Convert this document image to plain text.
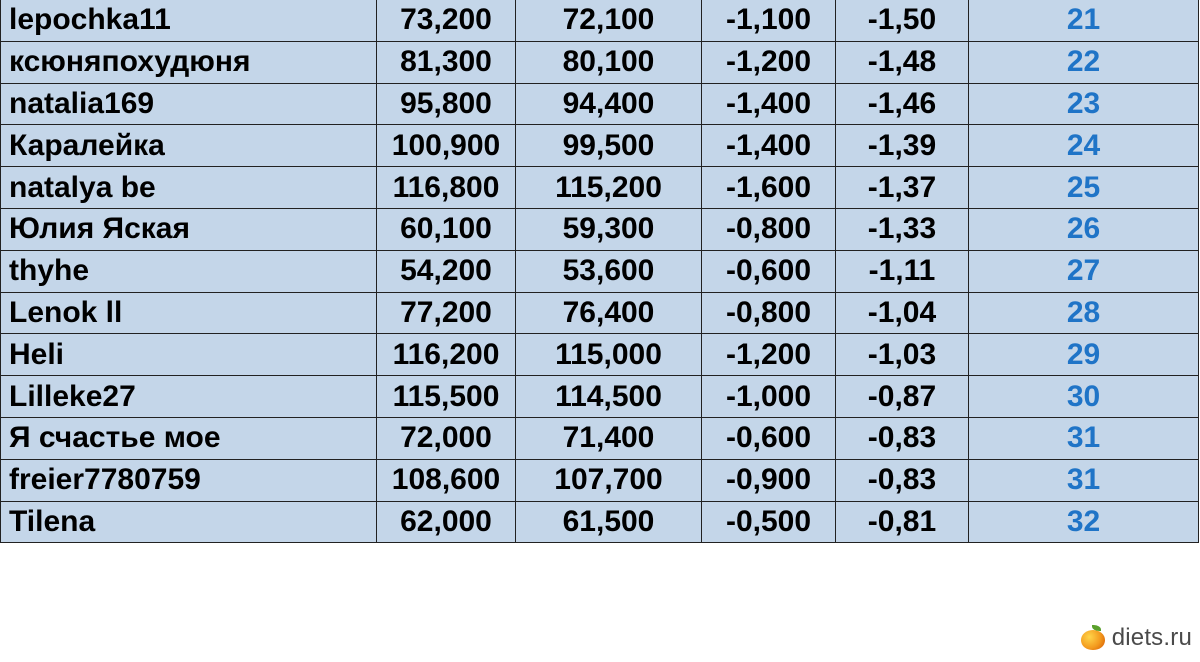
lepochka11	73,200	72,100	-1,100	-1,50	21
ксюняпохудюня	81,300	80,100	-1,200	-1,48	22
natalia169	95,800	94,400	-1,400	-1,46	23
Каралейка	100,900	99,500	-1,400	-1,39	24
natalya be	116,800	115,200	-1,600	-1,37	25
Юлия Яская	60,100	59,300	-0,800	-1,33	26
thyhe	54,200	53,600	-0,600	-1,11	27
Lenok ll	77,200	76,400	-0,800	-1,04	28
Heli	116,200	115,000	-1,200	-1,03	29
Lilleke27	115,500	114,500	-1,000	-0,87	30
Я счастье мое	72,000	71,400	-0,600	-0,83	31
freier7780759	108,600	107,700	-0,900	-0,83	31
Tilena	62,000	61,500	-0,500	-0,81	32
diets.ru
